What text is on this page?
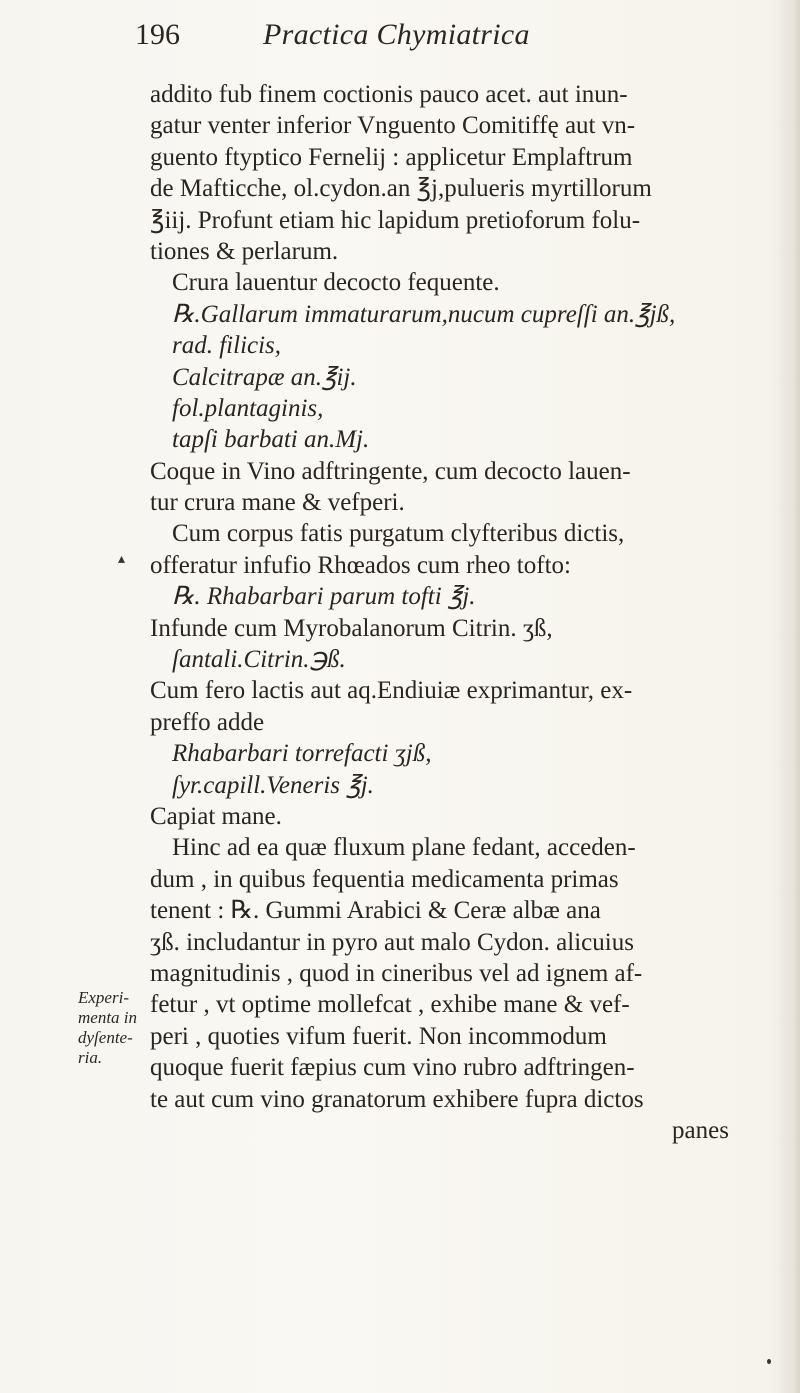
196	Practica Chymiatrica
addito fub finem coctionis pauco acet. aut inun-
gatur venter inferior Vnguento Comitiffę aut vn-
guento ftyptico Fernelij : applicetur Emplaftrum
de Mafticche, ol.cydon.an ℥j,pulueris myrtillorum
℥iij. Profunt etiam hic lapidum pretioforum folu-
tiones & perlarum.
Crura lauentur decocto fequente.
℞.Gallarum immaturarum,nucum cupreſſi an.℥jß,
rad. filicis,
Calcitrapæ an.℥ij.
fol.plantaginis,
tapſi barbati an.Mj.
Coque in Vino adftringente, cum decocto lauen-
tur crura mane & vefperi.
Cum corpus fatis purgatum clyfteribus dictis,
offeratur infufio Rhœados cum rheo tofto:
℞. Rhabarbari parum tofti ℥j.
Infunde cum Myrobalanorum Citrin. ʒß,
ſantali.Citrin.℈ß.
Cum fero lactis aut aq.Endiuiæ exprimantur, ex-
preffo adde
Rhabarbari torrefacti ʒjß,
ſyr.capill.Veneris ℥j.
Capiat mane.
Hinc ad ea quæ fluxum plane fedant, acceden-
dum , in quibus fequentia medicamenta primas
tenent : ℞. Gummi Arabici & Ceræ albæ ana
ʒß. includantur in pyro aut malo Cydon. alicuius
magnitudinis , quod in cineribus vel ad ignem af-
fetur , vt optime mollefcat , exhibe mane & vef-
peri , quoties vifum fuerit. Non incommodum
quoque fuerit fæpius cum vino rubro adftringen-
te aut cum vino granatorum exhibere fupra dictos
panes
Experi-
menta in
dyſente-
ria.
▴
